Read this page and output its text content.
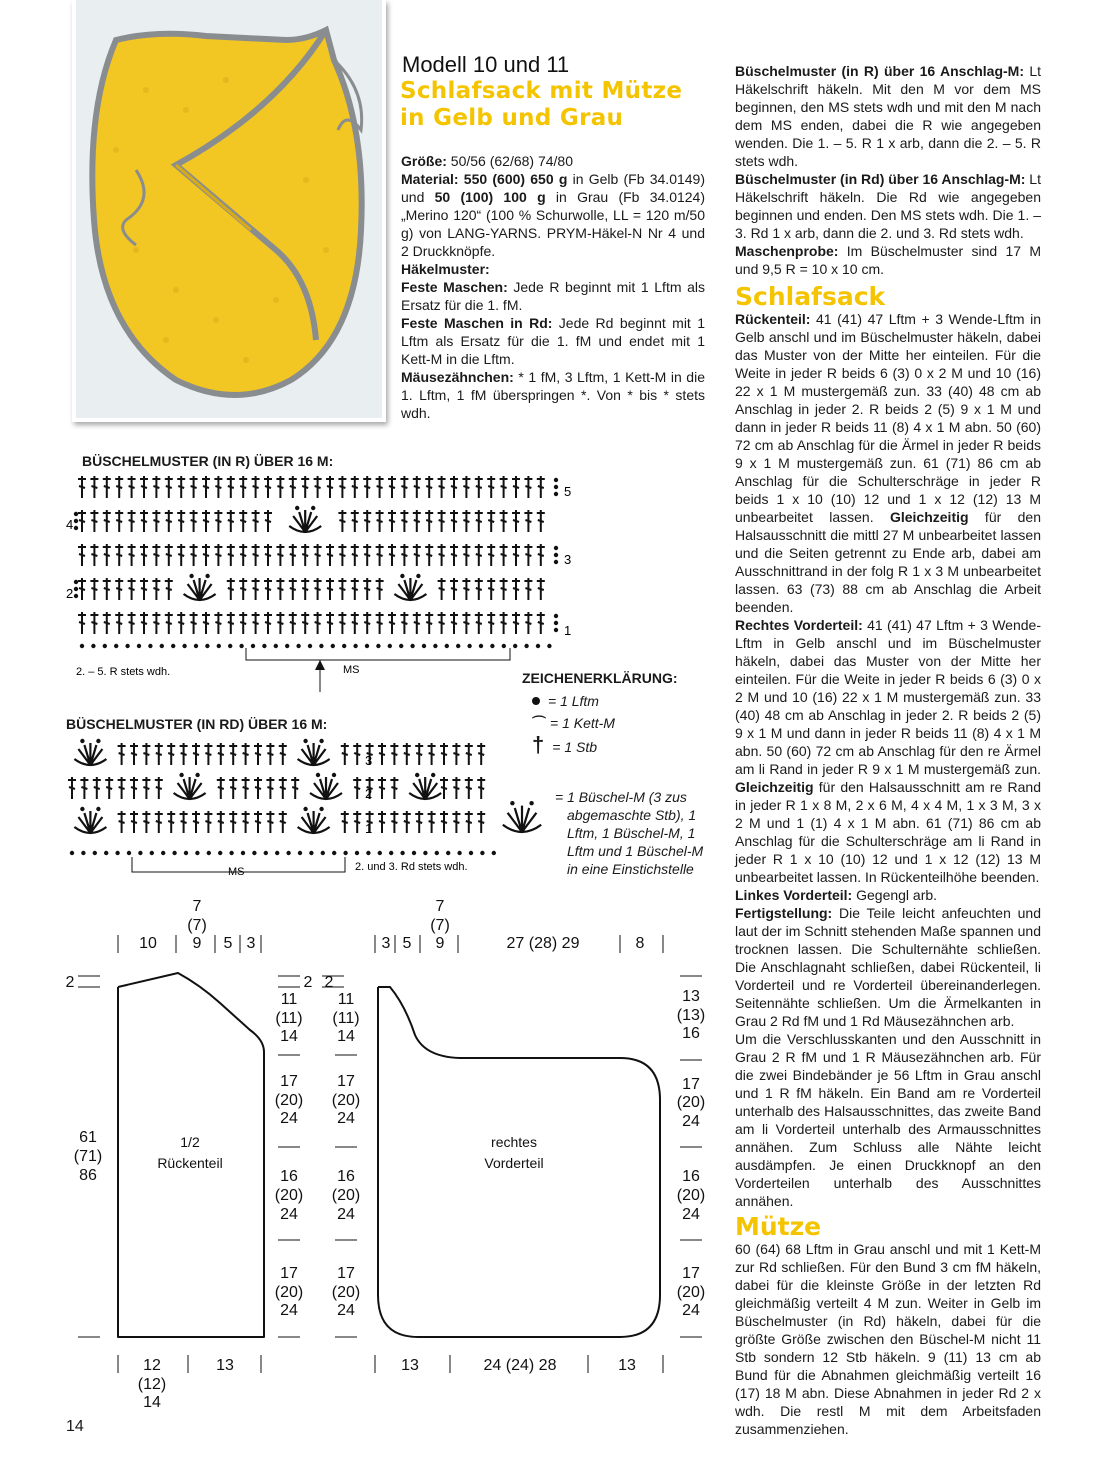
Modell 10 und 11
Schlafsack mit Mütze
in Gelb und Grau

Größe: 50/56 (62/68) 74/80

Material: 550 (600) 650 g in Gelb (Fb 34.0149) und 50 (100) 100 g in Grau (Fb 34.0124) „Merino 120“ (100 % Schurwolle, LL = 120 m/50 g) von LANG-YARNS. PRYM-Häkel-N Nr 4 und 2 Druckknöpfe.

Häkelmuster:

Feste Maschen: Jede R beginnt mit 1 Lftm als Ersatz für die 1. fM.

Feste Maschen in Rd: Jede Rd beginnt mit 1 Lftm als Ersatz für die 1. fM und endet mit 1 Kett-M in die Lftm.

Mäusezähnchen: * 1 fM, 3 Lftm, 1 Kett-M in die 1. Lftm, 1 fM überspringen *. Von * bis * stets wdh.

Büschelmuster (in R) über 16 Anschlag-M: Lt Häkelschrift häkeln. Mit den M vor dem MS beginnen, den MS stets wdh und mit den M nach dem MS enden, dabei die R wie angegeben wenden. Die 1. – 5. R 1 x arb, dann die 2. – 5. R stets wdh.

Büschelmuster (in Rd) über 16 Anschlag-M: Lt Häkelschrift häkeln. Die Rd wie angegeben beginnen und enden. Den MS stets wdh. Die 1. – 3. Rd 1 x arb, dann die 2. und 3. Rd stets wdh.

Maschenprobe: Im Büschelmuster sind 17 M und 9,5 R = 10 x 10 cm.

Schlafsack

Rückenteil: 41 (41) 47 Lftm + 3 Wende-Lftm in Gelb anschl und im Büschelmuster häkeln, dabei das Muster von der Mitte her einteilen. Für die Weite in jeder R beids 6 (3) 0 x 2 M und 10 (16) 22 x 1 M mustergemäß zun. 33 (40) 48 cm ab Anschlag in jeder 2. R beids 2 (5) 9 x 1 M und dann in jeder R beids 11 (8) 4 x 1 M abn. 50 (60) 72 cm ab Anschlag für die Ärmel in jeder R beids 9 x 1 M mustergemäß zun. 61 (71) 86 cm ab Anschlag für die Schulterschräge in jeder R beids 1 x 10 (10) 12 und 1 x 12 (12) 13 M unbearbeitet lassen. Gleichzeitig für den Halsausschnitt die mittl 27 M unbearbeitet lassen und die Seiten getrennt zu Ende arb, dabei am Ausschnittrand in der folg R 1 x 3 M unbearbeitet lassen. 63 (73) 88 cm ab Anschlag die Arbeit beenden.

Rechtes Vorderteil: 41 (41) 47 Lftm + 3 Wende-Lftm in Gelb anschl und im Büschelmuster häkeln, dabei das Muster von der Mitte her einteilen. Für die Weite in jeder R beids 6 (3) 0 x 2 M und 10 (16) 22 x 1 M mustergemäß zun. 33 (40) 48 cm ab Anschlag in jeder 2. R beids 2 (5) 9 x 1 M und dann in jeder R beids 11 (8) 4 x 1 M abn. 50 (60) 72 cm ab Anschlag für den re Ärmel am li Rand in jeder R 9 x 1 M mustergemäß zun. Gleichzeitig für den Halsausschnitt am re Rand in jeder R 1 x 8 M, 2 x 6 M, 4 x 4 M, 1 x 3 M, 3 x 2 M und 1 (1) 4 x 1 M abn. 61 (71) 86 cm ab Anschlag für die Schulterschräge am li Rand in jeder R 1 x 10 (10) 12 und 1 x 12 (12) 13 M unbearbeitet lassen. In Rückenteilhöhe beenden.

Linkes Vorderteil: Gegengl arb.

Fertigstellung: Die Teile leicht anfeuchten und laut der im Schnitt stehenden Maße spannen und trocknen lassen. Die Schulternähte schließen. Die Anschlagnaht schließen, dabei Rückenteil, li Vorderteil und re Vorderteil übereinanderlegen. Seitennähte schließen. Um die Ärmelkanten in Grau 2 Rd fM und 1 Rd Mäusezähnchen arb.

Um die Verschlusskanten und den Ausschnitt in Grau 2 R fM und 1 R Mäusezähnchen arb. Für die zwei Bindebänder je 56 Lftm in Grau anschl und 1 R fM häkeln. Ein Band am re Vorderteil unterhalb des Halsausschnittes, das zweite Band am li Vorderteil unterhalb des Armausschnittes annähen. Zum Schluss alle Nähte leicht ausdämpfen. Je einen Druckknopf an den Vorderteilen unterhalb des Ausschnittes annähen.

Mütze

60 (64) 68 Lftm in Grau anschl und mit 1 Kett-M zur Rd schließen. Für den Bund 3 cm fM häkeln, dabei für die kleinste Größe in der letzten Rd gleichmäßig verteilt 4 M zun. Weiter in Gelb im Büschelmuster (in Rd) häkeln, dabei für die größte Größe zwischen den Büschel-M nicht 11 Stb sondern 12 Stb häkeln. 9 (11) 13 cm ab Bund für die Abnahmen gleichmäßig verteilt 16 (17) 18 M abn. Diese Abnahmen in jeder Rd 2 x wdh. Die restl M mit dem Arbeitsfaden zusammenziehen.

BÜSCHELMUSTER (IN R) ÜBER 16 M:
5
4
3
2
1
2. – 5. R stets wdh.	MS	ZEICHENERKLÄRUNG:
= 1 Lftm
⌒ = 1 Kett-M
† = 1 Stb
= 1 Büschel-M (3 zus
abgemaschte Stb), 1
Lftm, 1 Büschel-M, 1
Lftm und 1 Büschel-M
in eine Einstichstelle
BÜSCHELMUSTER (IN RD) ÜBER 16 M:
3
2
1
MS	2. und 3. Rd stets wdh.
10
7
(7)
9 5 3	3 5
7
(7)
9	27 (28) 29	8
2
61
(71)
86
1/2
Rückenteil
2 2
11
(11)
14
11
(11)
14
17
(20)
24
17
(20)
24
16
(20)
24
16
(20)
24
17
(20)
24
17
(20)
24
rechtes
Vorderteil
13
(13)
16
17
(20)
24
16
(20)
24
17
(20)
24
12
(12)
14
13	13	24 (24) 28	13
14
